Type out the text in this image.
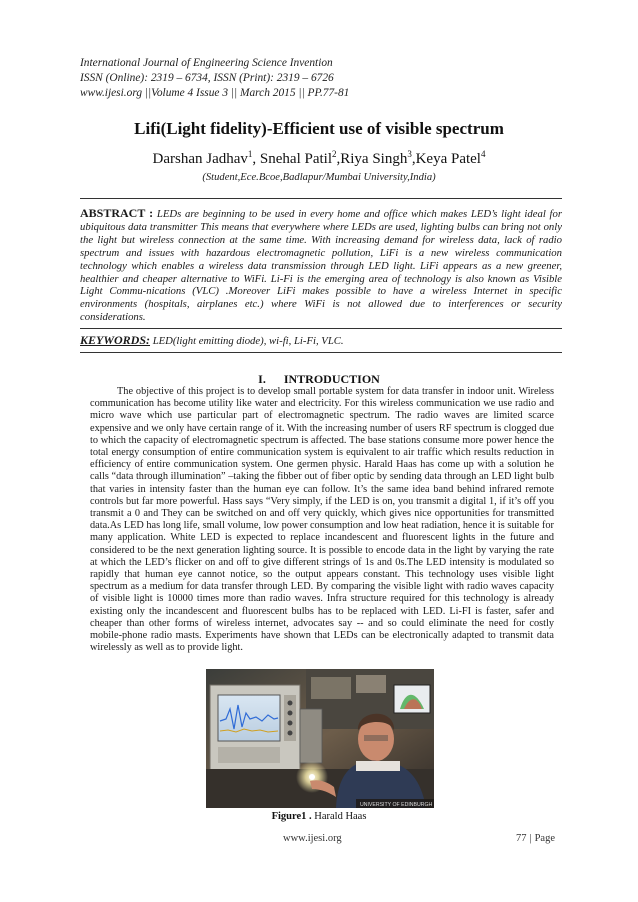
International Journal of Engineering Science Invention
ISSN (Online): 2319 – 6734, ISSN (Print): 2319 – 6726
www.ijesi.org ||Volume 4 Issue 3 || March 2015 || PP.77-81
Lifi(Light fidelity)-Efficient use of visible spectrum
Darshan Jadhav$^1$, Snehal Patil$^2$,Riya Singh$^3$,Keya Patel$^4$
(Student,Ece.Bcoe,Badlapur/Mumbai University,India)
ABSTRACT : LEDs are beginning to be used in every home and office which makes LED’s light ideal for ubiquitous data transmitter This means that everywhere where LEDs are used, lighting bulbs can bring not only the light but wireless connection at the same time. With increasing demand for wireless data, lack of radio spectrum and issues with hazardous electromagnetic pollution, LiFi is a new wireless communication technology which enables a wireless data transmission through LED light. LiFi appears as a new greener, healthier and cheaper alternative to WiFi. Li-Fi is the emerging area of technology is also known as Visible Light Commu-nications (VLC) .Moreover LiFi makes possible to have a wireless Internet in specific environments (hospitals, airplanes etc.) where WiFi is not allowed due to interferences or security considerations.
KEYWORDS: LED(light emitting diode), wi-fi, Li-Fi, VLC.
I. INTRODUCTION
The objective of this project is to develop small portable system for data transfer in indoor unit. Wireless communication has become utility like water and electricity. For this wireless communication we use radio and micro wave which use particular part of electromagnetic spectrum. The radio waves are limited scarce expensive and we only have certain range of it. With the increasing number of users RF spectrum is clogged due to which the capacity of electromagnetic spectrum is affected. The base stations consume more power hence the total energy consumption of entire communication system is equivalent to air traffic which results reduction in efficiency of entire communication system. One germen physic. Harald Haas has come up with a solution he calls “data through illumination” –taking the fibber out of fiber optic by sending data through an LED light bulb that varies in intensity faster than the human eye can follow. It’s the same idea band behind infrared remote controls but far more powerful. Hass says “Very simply, if the LED is on, you transmit a digital 1, if it’s off you transmit a 0 and They can be switched on and off very quickly, which gives nice opportunities for transmitted data.As LED has long life, small volume, low power consumption and low heat radiation, hence it is suitable for many application. White LED is expected to replace incandescent and fluorescent lights in the future and considered to be the next generation lighting source. It is possible to encode data in the light by varying the rate at which the LED’s flicker on and off to give different strings of 1s and 0s.The LED intensity is modulated so rapidly that human eye cannot notice, so the output appears constant. This technology uses visible light spectrum as a medium for data transfer through LED. By comparing the visible light with radio waves capacity of visible light is 10000 times more than radio waves. Infra structure required for this technology is already existing only the incandescent and fluorescent bulbs has to be replaced with LED. Li-FI is faster, safer and cheaper than other forms of wireless internet, advocates say -- and so could eliminate the need for costly mobile-phone radio masts. Experiments have shown that LEDs can be electronically adapted to transmit data wirelessly as well as to provide light.
UNIVERSITY OF EDINBURGH
Figure1 . Harald Haas
www.ijesi.org	77 | Page
